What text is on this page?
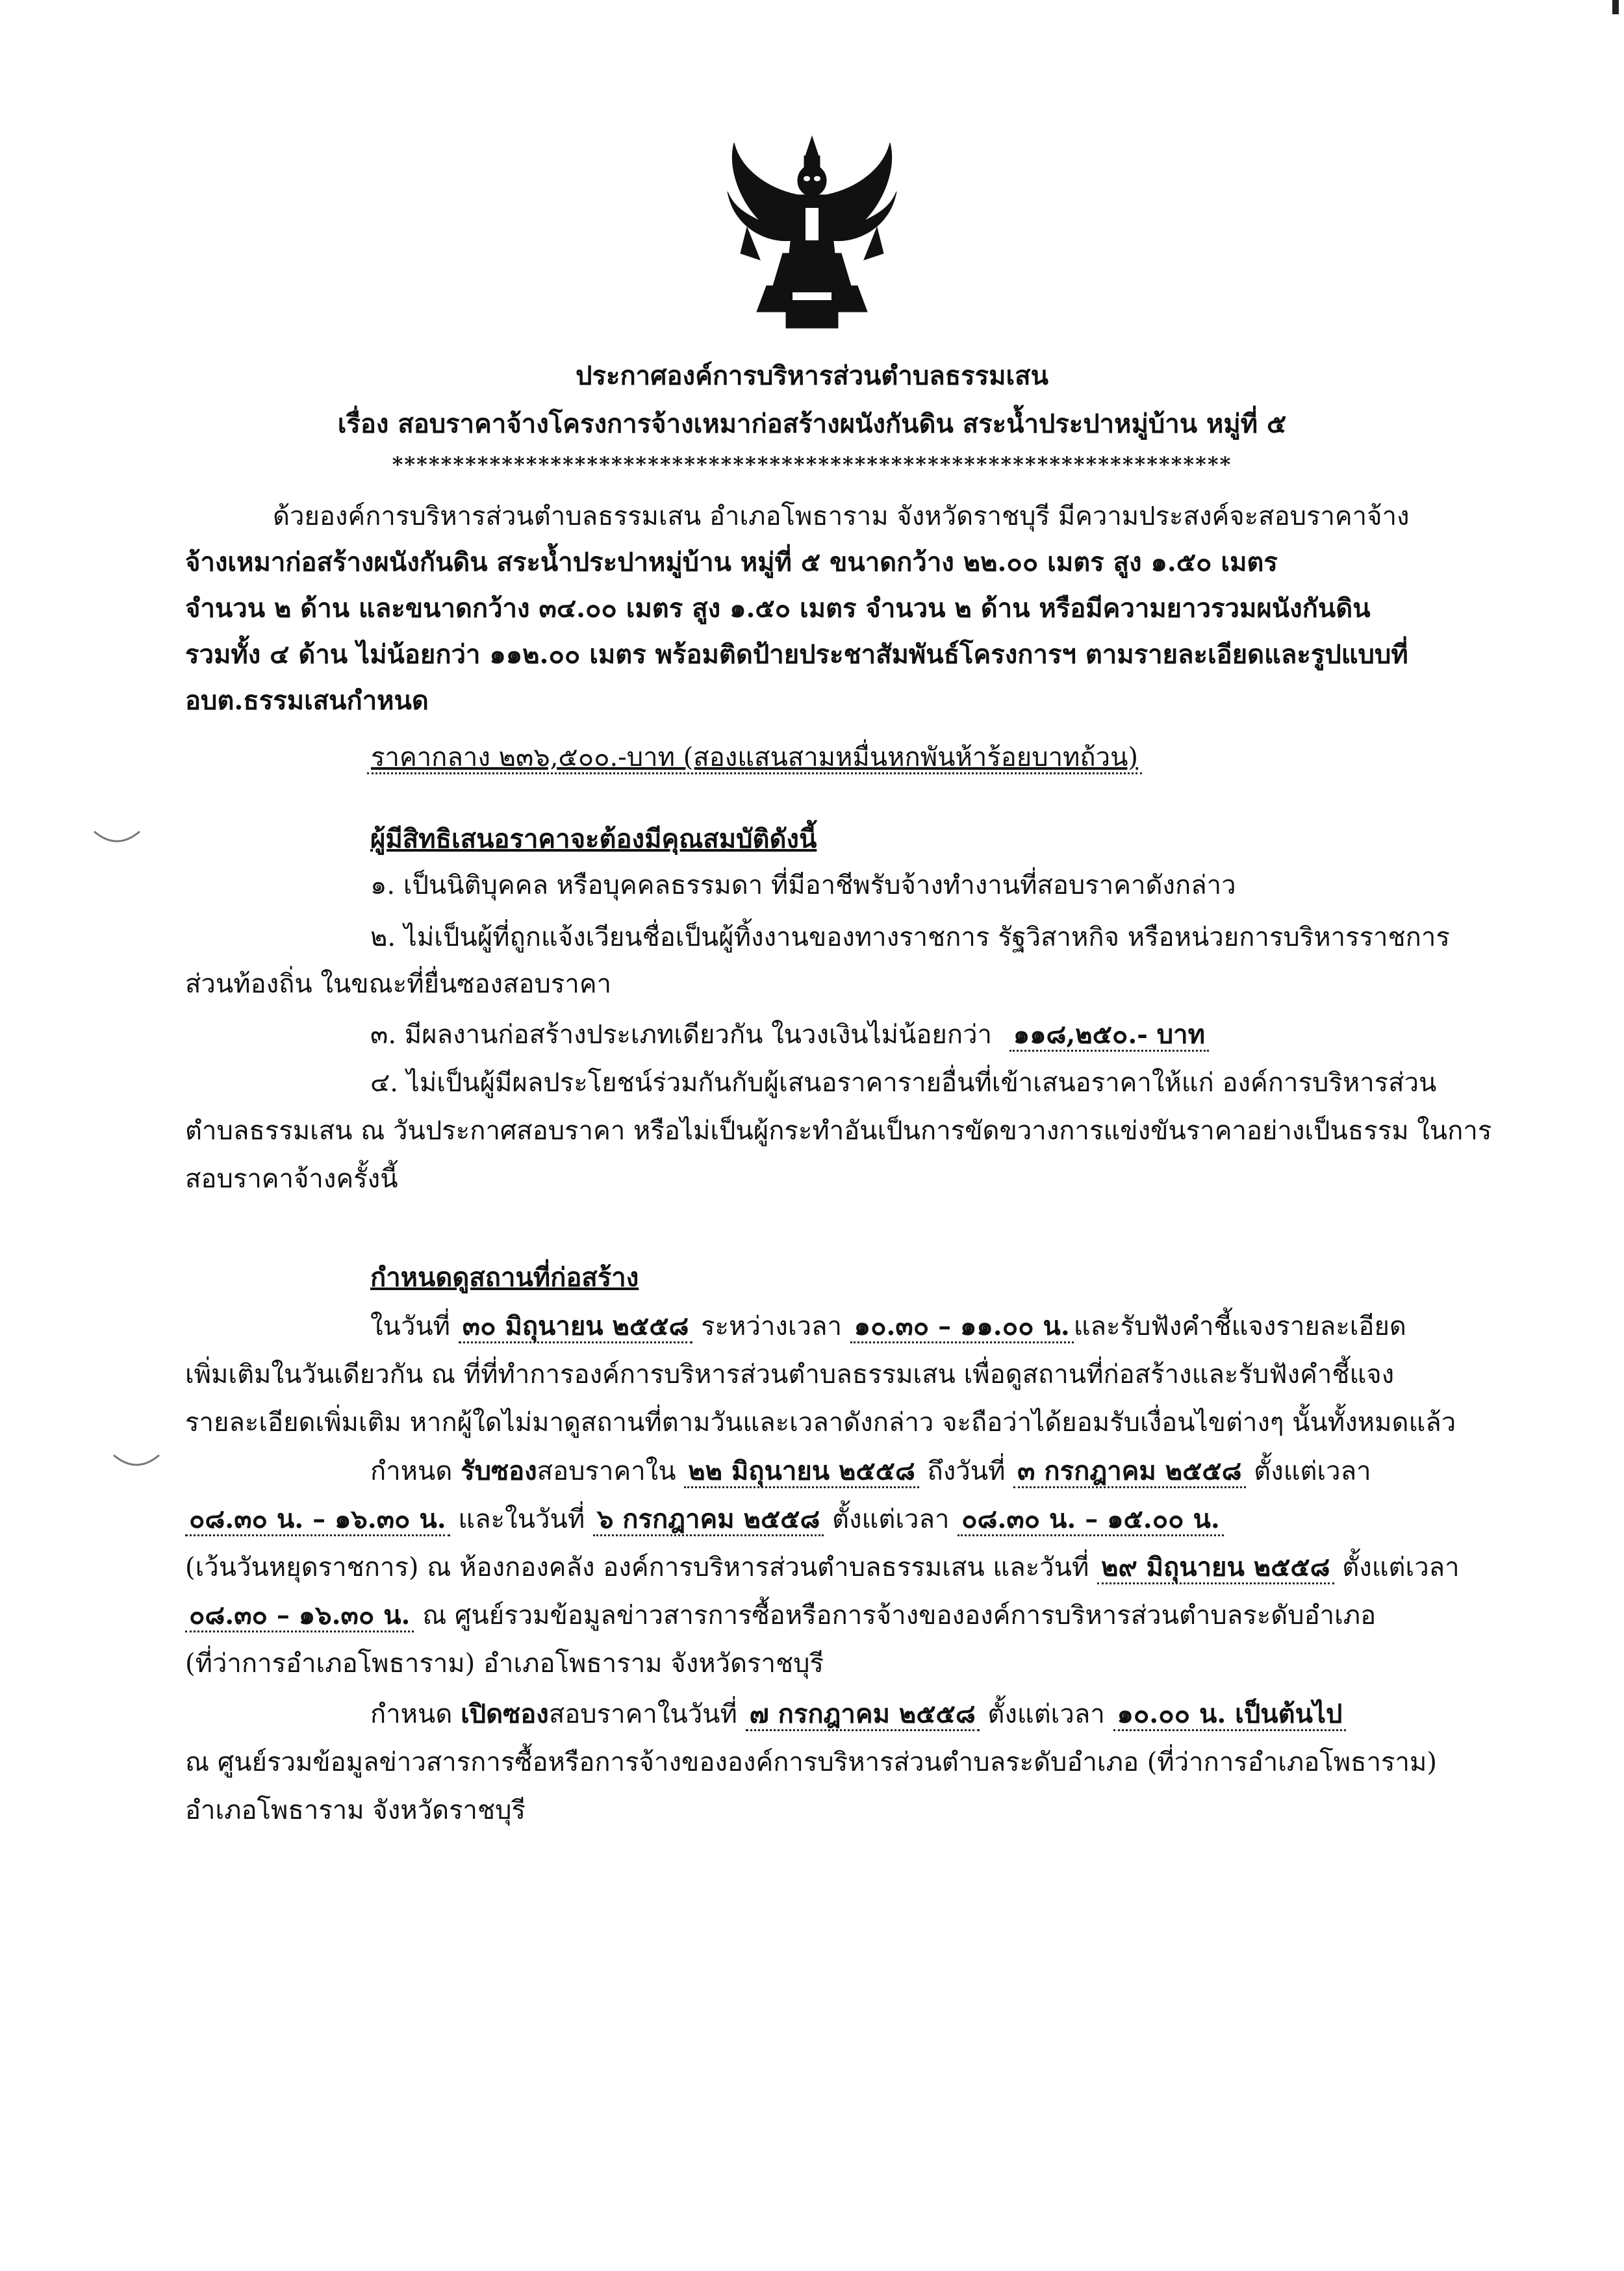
ประกาศองค์การบริหารส่วนตำบลธรรมเสน
เรื่อง สอบราคาจ้างโครงการจ้างเหมาก่อสร้างผนังกันดิน สระน้ำประปาหมู่บ้าน หมู่ที่ ๕
*********************************************************************
ด้วยองค์การบริหารส่วนตำบลธรรมเสน อำเภอโพธาราม จังหวัดราชบุรี มีความประสงค์จะสอบราคาจ้าง
จ้างเหมาก่อสร้างผนังกันดิน สระน้ำประปาหมู่บ้าน หมู่ที่ ๕ ขนาดกว้าง ๒๒.๐๐ เมตร สูง ๑.๕๐ เมตร
จำนวน ๒ ด้าน และขนาดกว้าง ๓๔.๐๐ เมตร สูง ๑.๕๐ เมตร จำนวน ๒ ด้าน หรือมีความยาวรวมผนังกันดิน
รวมทั้ง ๔ ด้าน ไม่น้อยกว่า ๑๑๒.๐๐ เมตร พร้อมติดป้ายประชาสัมพันธ์โครงการฯ ตามรายละเอียดและรูปแบบที่
อบต.ธรรมเสนกำหนด
ราคากลาง ๒๓๖,๕๐๐.-บาท (สองแสนสามหมื่นหกพันห้าร้อยบาทถ้วน)
ผู้มีสิทธิเสนอราคาจะต้องมีคุณสมบัติดังนี้
๑. เป็นนิติบุคคล หรือบุคคลธรรมดา ที่มีอาชีพรับจ้างทำงานที่สอบราคาดังกล่าว
๒. ไม่เป็นผู้ที่ถูกแจ้งเวียนชื่อเป็นผู้ทิ้งงานของทางราชการ รัฐวิสาหกิจ หรือหน่วยการบริหารราชการ
ส่วนท้องถิ่น ในขณะที่ยื่นซองสอบราคา
๓. มีผลงานก่อสร้างประเภทเดียวกัน ในวงเงินไม่น้อยกว่า ๑๑๘,๒๕๐.- บาท
๔. ไม่เป็นผู้มีผลประโยชน์ร่วมกันกับผู้เสนอราคารายอื่นที่เข้าเสนอราคาให้แก่ องค์การบริหารส่วน
ตำบลธรรมเสน ณ วันประกาศสอบราคา หรือไม่เป็นผู้กระทำอันเป็นการขัดขวางการแข่งขันราคาอย่างเป็นธรรม ในการ
สอบราคาจ้างครั้งนี้
กำหนดดูสถานที่ก่อสร้าง
ในวันที่ ๓๐ มิถุนายน ๒๕๕๘ ระหว่างเวลา ๑๐.๓๐ – ๑๑.๐๐ น. และรับฟังคำชี้แจงรายละเอียด
เพิ่มเติมในวันเดียวกัน ณ ที่ที่ทำการองค์การบริหารส่วนตำบลธรรมเสน เพื่อดูสถานที่ก่อสร้างและรับฟังคำชี้แจง
รายละเอียดเพิ่มเติม หากผู้ใดไม่มาดูสถานที่ตามวันและเวลาดังกล่าว จะถือว่าได้ยอมรับเงื่อนไขต่างๆ นั้นทั้งหมดแล้ว
กำหนด รับซองสอบราคาใน ๒๒ มิถุนายน ๒๕๕๘ ถึงวันที่ ๓ กรกฎาคม ๒๕๕๘ ตั้งแต่เวลา
๐๘.๓๐ น. – ๑๖.๓๐ น. และในวันที่ ๖ กรกฎาคม ๒๕๕๘ ตั้งแต่เวลา ๐๘.๓๐ น. – ๑๕.๐๐ น.
(เว้นวันหยุดราชการ) ณ ห้องกองคลัง องค์การบริหารส่วนตำบลธรรมเสน และวันที่ ๒๙ มิถุนายน ๒๕๕๘ ตั้งแต่เวลา
๐๘.๓๐ – ๑๖.๓๐ น. ณ ศูนย์รวมข้อมูลข่าวสารการซื้อหรือการจ้างขององค์การบริหารส่วนตำบลระดับอำเภอ
(ที่ว่าการอำเภอโพธาราม) อำเภอโพธาราม จังหวัดราชบุรี
กำหนด เปิดซองสอบราคาในวันที่ ๗ กรกฎาคม ๒๕๕๘ ตั้งแต่เวลา ๑๐.๐๐ น. เป็นต้นไป
ณ ศูนย์รวมข้อมูลข่าวสารการซื้อหรือการจ้างขององค์การบริหารส่วนตำบลระดับอำเภอ (ที่ว่าการอำเภอโพธาราม)
อำเภอโพธาราม จังหวัดราชบุรี
